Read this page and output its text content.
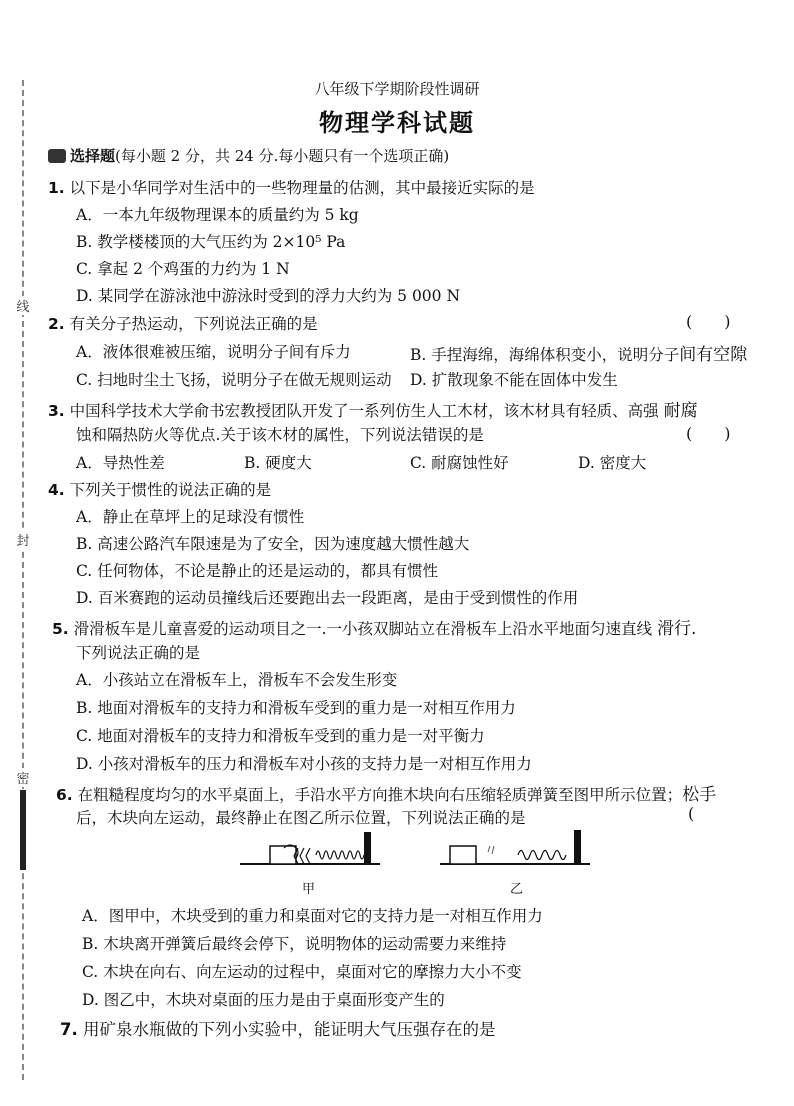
线
封
密
八年级下学期阶段性调研
物理学科试题
选择题 (每小题 2 分，共 24 分.每小题只有一个选项正确)
1. 以下是小华同学对生活中的一些物理量的估测，其中最接近实际的是
A．一本九年级物理课本的质量约为 5 kg
B. 教学楼楼顶的大气压约为 2×10⁵ Pa
C. 拿起 2 个鸡蛋的力约为 1 N
D. 某同学在游泳池中游泳时受到的浮力大约为 5 000 N
2. 有关分子热运动，下列说法正确的是	(　　)
A．液体很难被压缩，说明分子间有斥力	B. 手捏海绵，海绵体积变小，说明分子间有空隙
C. 扫地时尘土飞扬，说明分子在做无规则运动 D. 扩散现象不能在固体中发生
3. 中国科学技术大学俞书宏教授团队开发了一系列仿生人工木材，该木材具有轻质、高强 耐腐
蚀和隔热防火等优点.关于该木材的属性，下列说法错误的是	(　　)
A．导热性差	B. 硬度大	C. 耐腐蚀性好	D. 密度大
4. 下列关于惯性的说法正确的是
A．静止在草坪上的足球没有惯性
B. 高速公路汽车限速是为了安全，因为速度越大惯性越大
C. 任何物体，不论是静止的还是运动的，都具有惯性
D. 百米赛跑的运动员撞线后还要跑出去一段距离，是由于受到惯性的作用
5. 滑滑板车是儿童喜爱的运动项目之一.一小孩双脚站立在滑板车上沿水平地面匀速直线 滑行.
下列说法正确的是
A．小孩站立在滑板车上，滑板车不会发生形变
B. 地面对滑板车的支持力和滑板车受到的重力是一对相互作用力
C. 地面对滑板车的支持力和滑板车受到的重力是一对平衡力
D. 小孩对滑板车的压力和滑板车对小孩的支持力是一对相互作用力
6. 在粗糙程度均匀的水平桌面上，手沿水平方向推木块向右压缩轻质弹簧至图甲所示位置；松手
后，木块向左运动，最终静止在图乙所示位置，下列说法正确的是	(
甲	乙
A．图甲中，木块受到的重力和桌面对它的支持力是一对相互作用力
B. 木块离开弹簧后最终会停下，说明物体的运动需要力来维持
C. 木块在向右、向左运动的过程中，桌面对它的摩擦力大小不变
D. 图乙中，木块对桌面的压力是由于桌面形变产生的
7. 用矿泉水瓶做的下列小实验中，能证明大气压强存在的是
